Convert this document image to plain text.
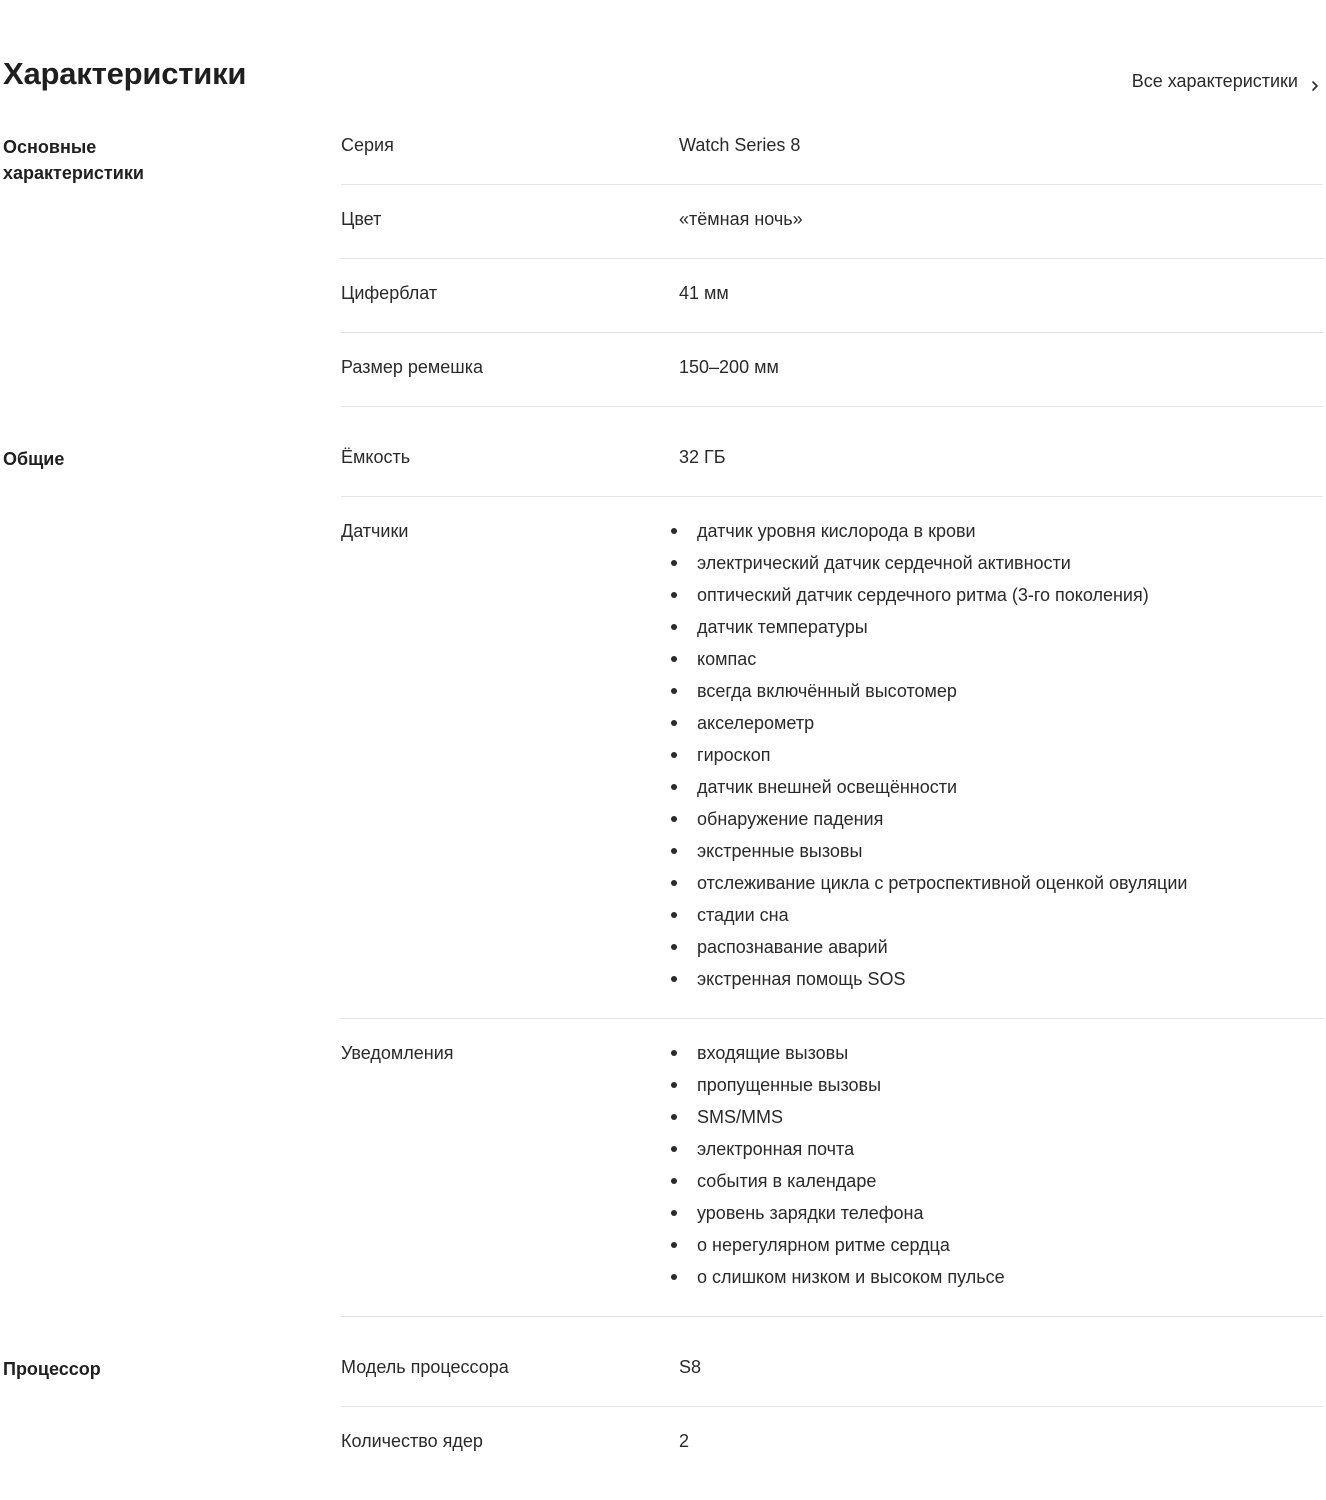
Характеристики	Все характеристики
Основные характеристики
Серия	Watch Series 8
Цвет	«тёмная ночь»
Циферблат	41 мм
Размер ремешка	150–200 мм
Общие	Ёмкость	32 ГБ
Датчики	датчик уровня кислорода в крови
электрический датчик сердечной активности
оптический датчик сердечного ритма (3-го поколения)
датчик температуры
компас
всегда включённый высотомер
акселерометр
гироскоп
датчик внешней освещённости
обнаружение падения
экстренные вызовы
отслеживание цикла с ретроспективной оценкой овуляции
стадии сна
распознавание аварий
экстренная помощь SOS
Уведомления	входящие вызовы
пропущенные вызовы
SMS/MMS
электронная почта
события в календаре
уровень зарядки телефона
о нерегулярном ритме сердца
о слишком низком и высоком пульсе
Процессор	Модель процессора	S8
Количество ядер	2
